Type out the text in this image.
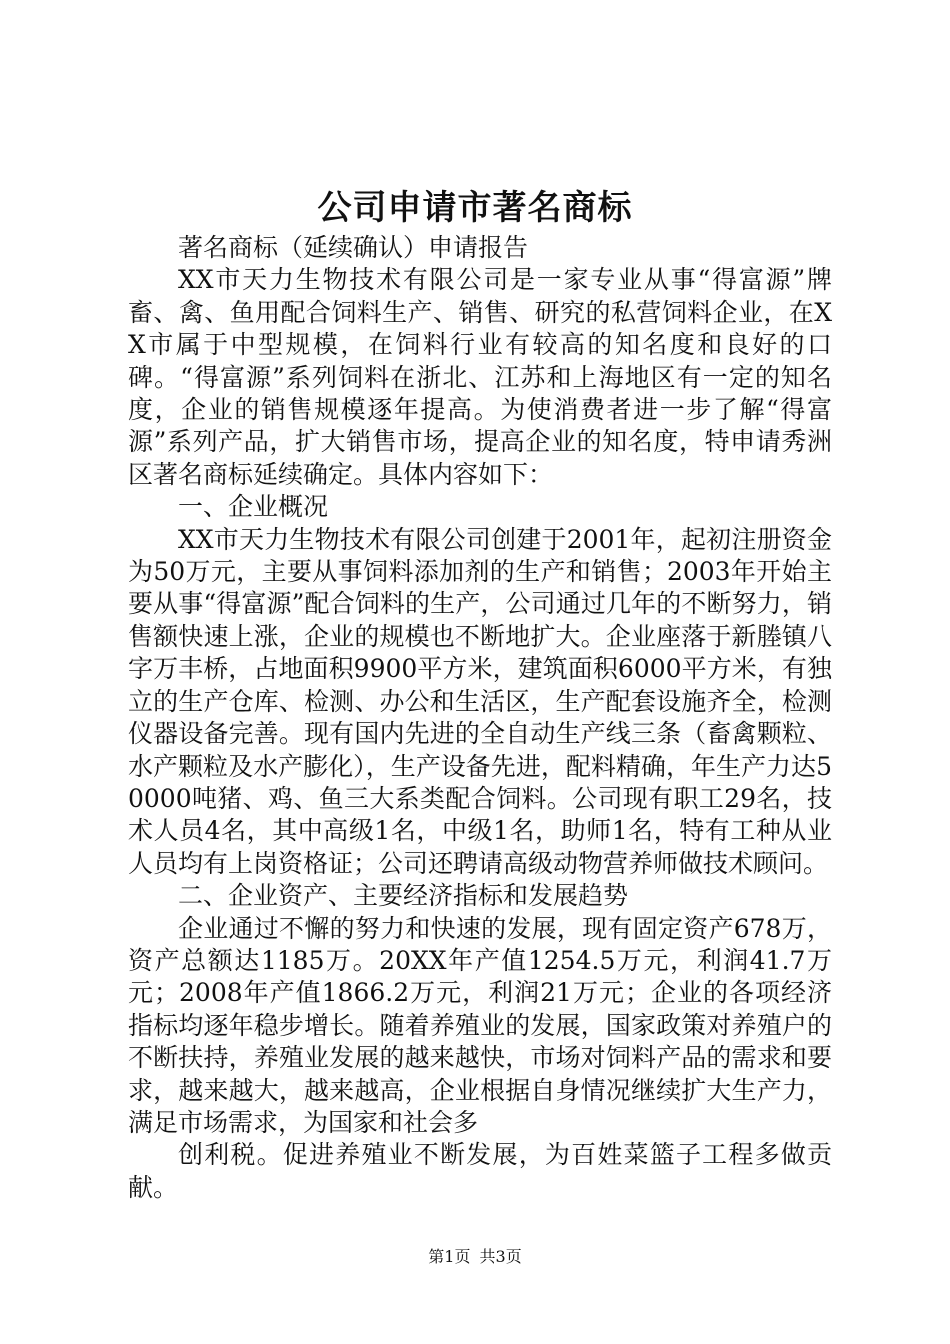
公司申请市著名商标

著名商标（延续确认）申请报告

XX市天力生物技术有限公司是一家专业从事“得富源”牌畜、禽、鱼用配合饲料生产、销售、研究的私营饲料企业，在XX市属于中型规模，在饲料行业有较高的知名度和良好的口碑。“得富源”系列饲料在浙北、江苏和上海地区有一定的知名度，企业的销售规模逐年提高。为使消费者进一步了解“得富源”系列产品，扩大销售市场，提高企业的知名度，特申请秀洲区著名商标延续确定。具体内容如下：

一、企业概况

XX市天力生物技术有限公司创建于2001年，起初注册资金为50万元，主要从事饲料添加剂的生产和销售；2003年开始主要从事“得富源”配合饲料的生产，公司通过几年的不断努力，销售额快速上涨，企业的规模也不断地扩大。企业座落于新塍镇八字万丰桥，占地面积9900平方米，建筑面积6000平方米，有独立的生产仓库、检测、办公和生活区，生产配套设施齐全，检测仪器设备完善。现有国内先进的全自动生产线三条（畜禽颗粒、水产颗粒及水产膨化），生产设备先进，配料精确，年生产力达50000吨猪、鸡、鱼三大系类配合饲料。公司现有职工29名，技术人员4名，其中高级1名，中级1名，助师1名，特有工种从业人员均有上岗资格证；公司还聘请高级动物营养师做技术顾问。

二、企业资产、主要经济指标和发展趋势

企业通过不懈的努力和快速的发展，现有固定资产678万，资产总额达1185万。20XX年产值1254.5万元，利润41.7万元；2008年产值1866.2万元，利润21万元；企业的各项经济指标均逐年稳步增长。随着养殖业的发展，国家政策对养殖户的不断扶持，养殖业发展的越来越快，市场对饲料产品的需求和要求，越来越大，越来越高，企业根据自身情况继续扩大生产力，满足市场需求，为国家和社会多

创利税。促进养殖业不断发展，为百姓菜篮子工程多做贡献。

第1页 共3页
